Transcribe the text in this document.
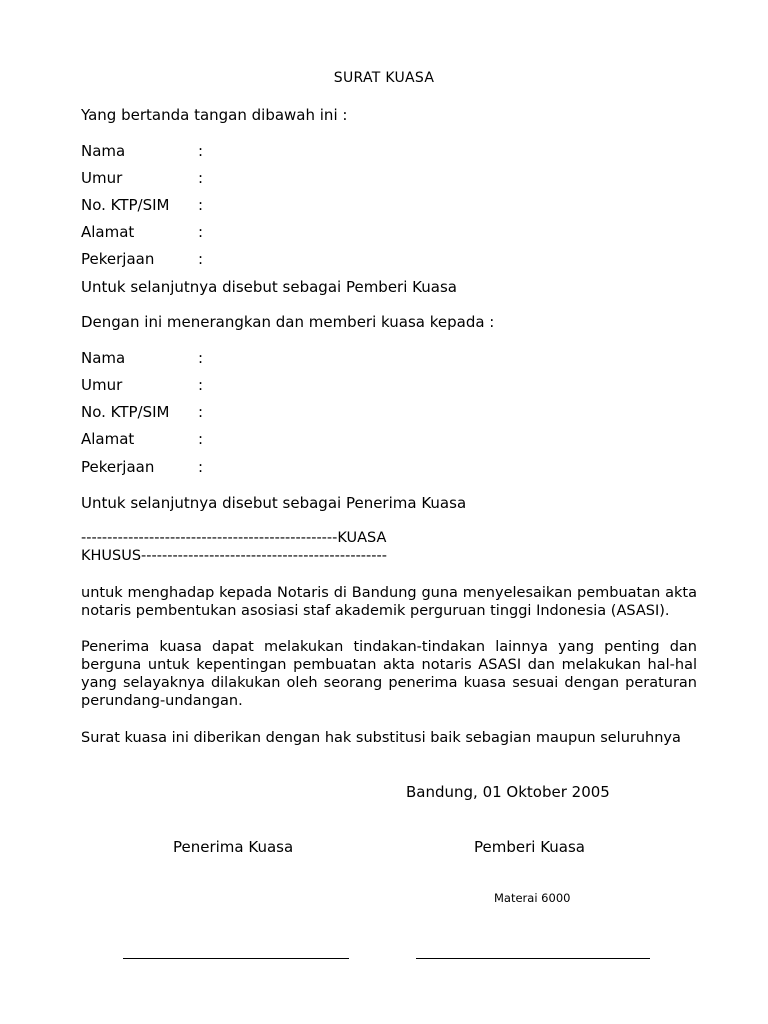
SURAT KUASA
Yang bertanda tangan dibawah ini :
Nama	:
Umur	:
No. KTP/SIM :
Alamat	:
Pekerjaan	:
Untuk selanjutnya disebut sebagai Pemberi Kuasa
Dengan ini menerangkan dan memberi kuasa kepada :
Nama	:
Umur	:
No. KTP/SIM :
Alamat	:
Pekerjaan	:
Untuk selanjutnya disebut sebagai Penerima Kuasa
-------------------------------------------------KUASA
KHUSUS-----------------------------------------------
untuk menghadap kepada Notaris di Bandung guna menyelesaikan pembuatan akta notaris pembentukan asosiasi staf akademik perguruan tinggi Indonesia (ASASI).
Penerima kuasa dapat melakukan tindakan-tindakan lainnya yang penting dan berguna untuk kepentingan pembuatan akta notaris ASASI dan melakukan hal-hal yang selayaknya dilakukan oleh seorang penerima kuasa sesuai dengan peraturan perundang-undangan.
Surat kuasa ini diberikan dengan hak substitusi baik sebagian maupun seluruhnya
Bandung, 01 Oktober 2005
Penerima Kuasa	Pemberi Kuasa
Materai 6000
